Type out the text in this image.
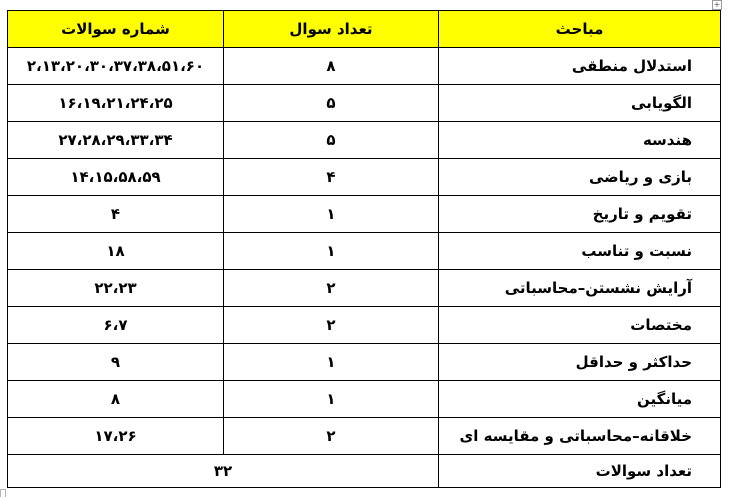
+
مباحث	تعداد سوال	شماره سوالات
استدلال منطقی	۸	۲،۱۳،۲۰،۳۰،۳۷،۳۸،۵۱،۶۰
الگویابی	۵	۱۶،۱۹،۲۱،۲۴،۲۵
هندسه	۵	۲۷،۲۸،۲۹،۳۳،۳۴
بازی و ریاضی	۴	۱۴،۱۵،۵۸،۵۹
تقویم و تاریخ	۱	۴
نسبت و تناسب	۱	۱۸
آرایش نشستن–محاسباتی	۲	۲۲،۲۳
مختصات	۲	۶،۷
حداکثر و حداقل	۱	۹
میانگین	۱	۸
خلاقانه–محاسباتی و مقایسه ای	۲	۱۷،۲۶
تعداد سوالات	۳۲	
